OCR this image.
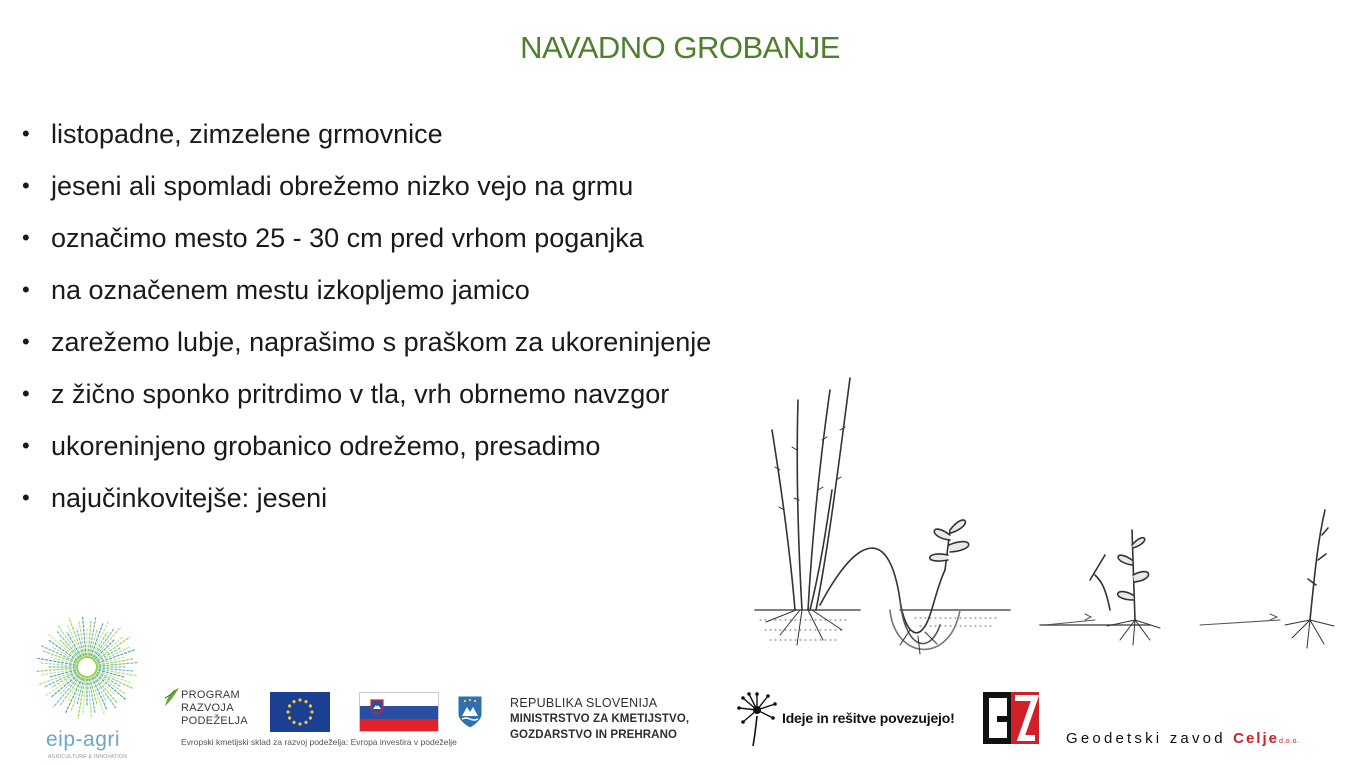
NAVADNO GROBANJE
• listopadne, zimzelene grmovnice
• jeseni ali spomladi obrežemo nizko vejo na grmu
• označimo mesto 25 - 30 cm pred vrhom poganjka
• na označenem mestu izkopljemo jamico
• zarežemo lubje, naprašimo s praškom za ukoreninjenje
• z žično sponko pritrdimo v tla, vrh obrnemo navzgor
• ukoreninjeno grobanico odrežemo, presadimo
• najučinkovitejše: jeseni
eip-agri
AGRICULTURE & INNOVATION
PROGRAM
RAZVOJA
PODEŽELJA
Evropski kmetijski sklad za razvoj podeželja: Evropa investira v podeželje
REPUBLIKA SLOVENIJA
MINISTRSTVO ZA KMETIJSTVO,
GOZDARSTVO IN PREHRANO
Ideje in rešitve povezujejo!
Geodetski zavod Celjed.o.o.
